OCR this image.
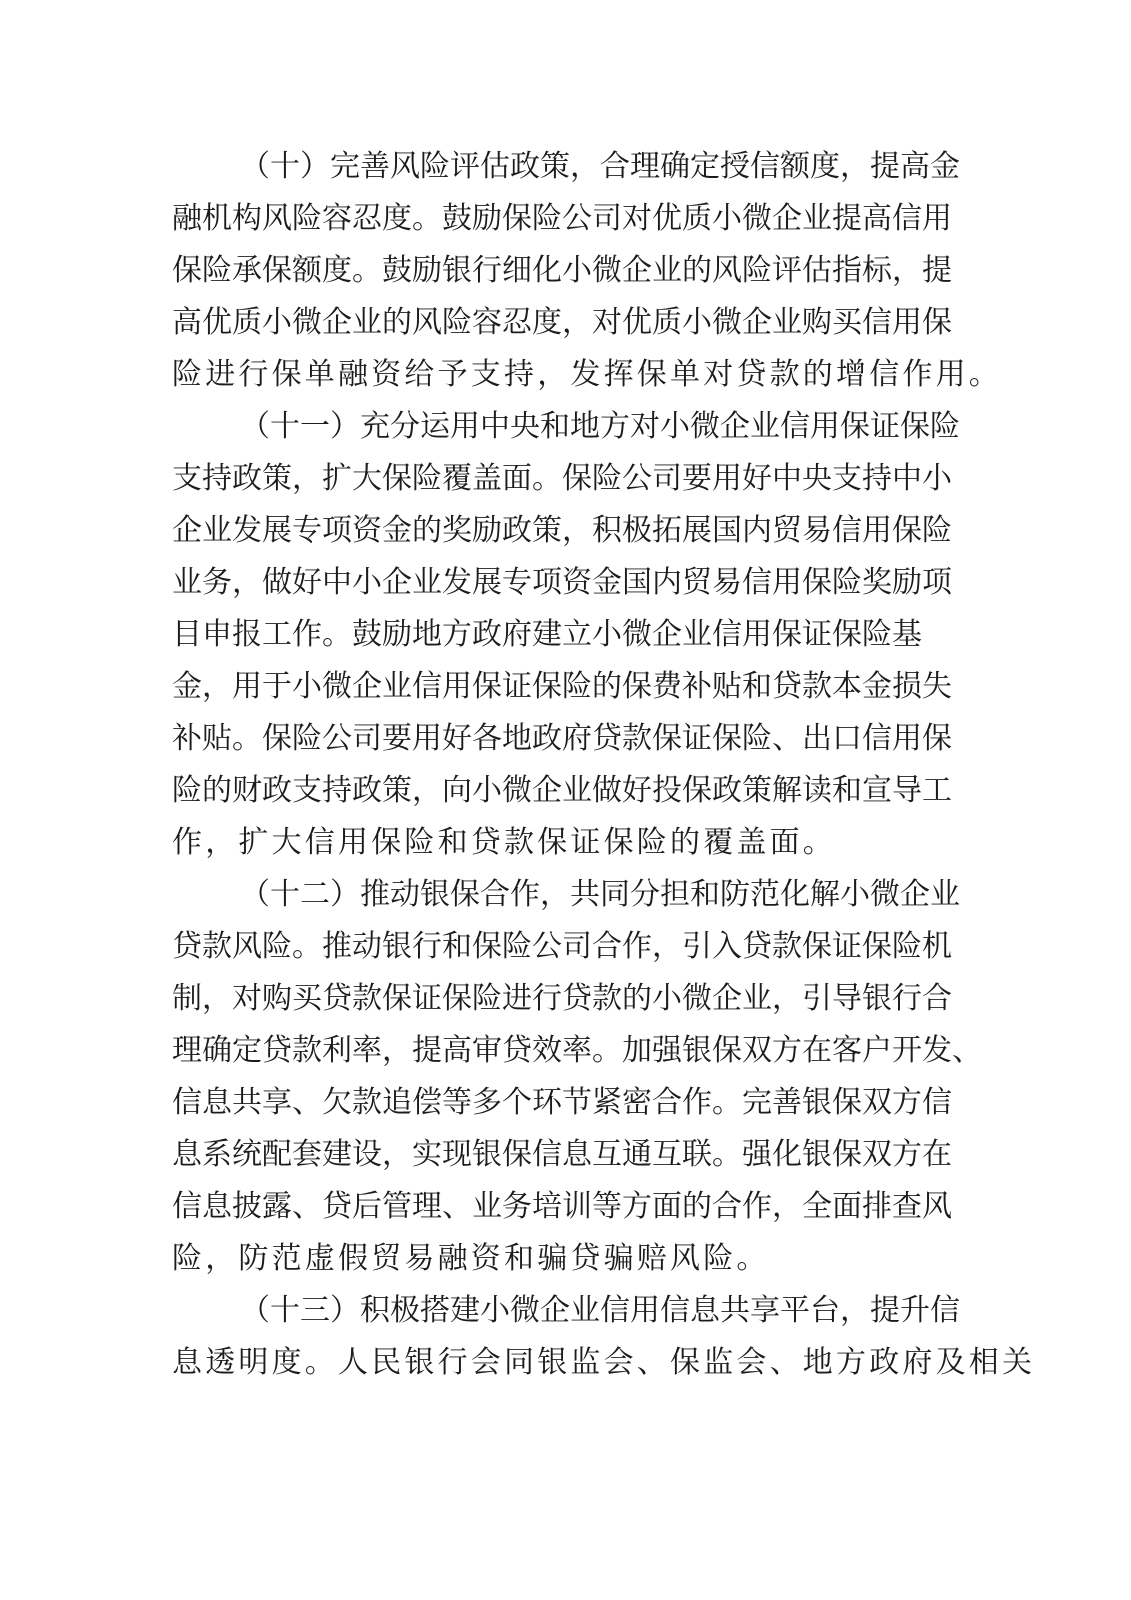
（十）完善风险评估政策，合理确定授信额度，提高金

融机构风险容忍度。鼓励保险公司对优质小微企业提高信用

保险承保额度。鼓励银行细化小微企业的风险评估指标，提

高优质小微企业的风险容忍度，对优质小微企业购买信用保

险进行保单融资给予支持，发挥保单对贷款的增信作用。

（十一）充分运用中央和地方对小微企业信用保证保险

支持政策，扩大保险覆盖面。保险公司要用好中央支持中小

企业发展专项资金的奖励政策，积极拓展国内贸易信用保险

业务，做好中小企业发展专项资金国内贸易信用保险奖励项

目申报工作。鼓励地方政府建立小微企业信用保证保险基

金，用于小微企业信用保证保险的保费补贴和贷款本金损失

补贴。保险公司要用好各地政府贷款保证保险、出口信用保

险的财政支持政策，向小微企业做好投保政策解读和宣导工

作，扩大信用保险和贷款保证保险的覆盖面。

（十二）推动银保合作，共同分担和防范化解小微企业

贷款风险。推动银行和保险公司合作，引入贷款保证保险机

制，对购买贷款保证保险进行贷款的小微企业，引导银行合

理确定贷款利率，提高审贷效率。加强银保双方在客户开发、

信息共享、欠款追偿等多个环节紧密合作。完善银保双方信

息系统配套建设，实现银保信息互通互联。强化银保双方在

信息披露、贷后管理、业务培训等方面的合作，全面排查风

险，防范虚假贸易融资和骗贷骗赔风险。

（十三）积极搭建小微企业信用信息共享平台，提升信

息透明度。人民银行会同银监会、保监会、地方政府及相关
